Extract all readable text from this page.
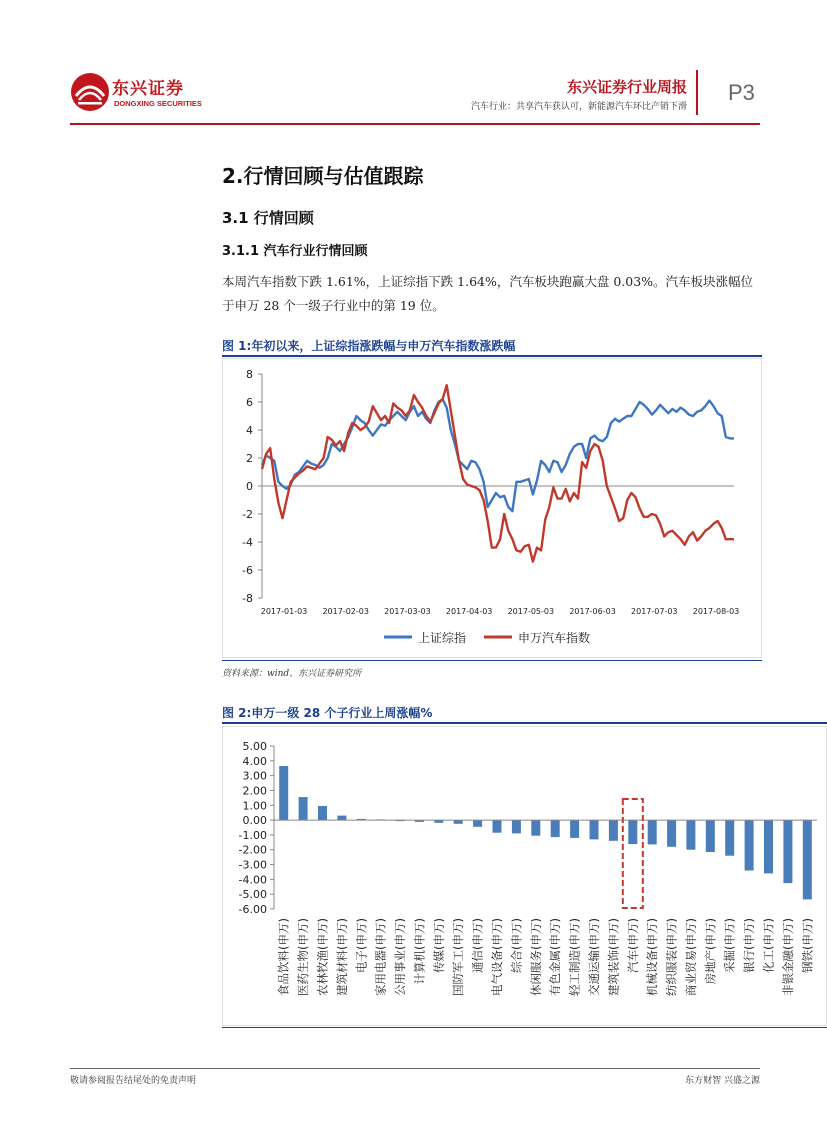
东兴证券
DONGXING SECURITIES
东兴证券行业周报
汽车行业：共享汽车获认可，新能源汽车环比产销下滑
P3
2.行情回顾与估值跟踪
3.1 行情回顾
3.1.1 汽车行业行情回顾
本周汽车指数下跌 1.61%，上证综指下跌 1.64%，汽车板块跑赢大盘 0.03%。汽车板块涨幅位于申万 28 个一级子行业中的第 19 位。
图 1:年初以来，上证综指涨跌幅与申万汽车指数涨跌幅
8
6
4
2
0
-2
-4
-6
-8
2017-01-03 2017-02-03 2017-03-03 2017-04-03 2017-05-03 2017-06-03 2017-07-03 2017-08-03
上证综指	申万汽车指数
资料来源：wind、东兴证券研究所
图 2:申万一级 28 个子行业上周涨幅%
5.00
4.00
3.00
2.00
1.00
0.00
-1.00
-2.00
-3.00
-4.00
-5.00
-6.00
食品饮料(申万) 医药生物(申万) 农林牧渔(申万) 建筑材料(申万) 电子(申万) 家用电器(申万) 公用事业(申万) 计算机(申万) 传媒(申万) 国防军工(申万) 通信(申万) 电气设备(申万) 综合(申万) 休闲服务(申万) 有色金属(申万) 轻工制造(申万) 交通运输(申万) 建筑装饰(申万) 汽车(申万) 机械设备(申万) 纺织服装(申万) 商业贸易(申万) 房地产(申万) 采掘(申万) 银行(申万) 化工(申万) 非银金融(申万) 钢铁(申万)
敬请参阅报告结尾处的免责声明	东方财智 兴盛之源
